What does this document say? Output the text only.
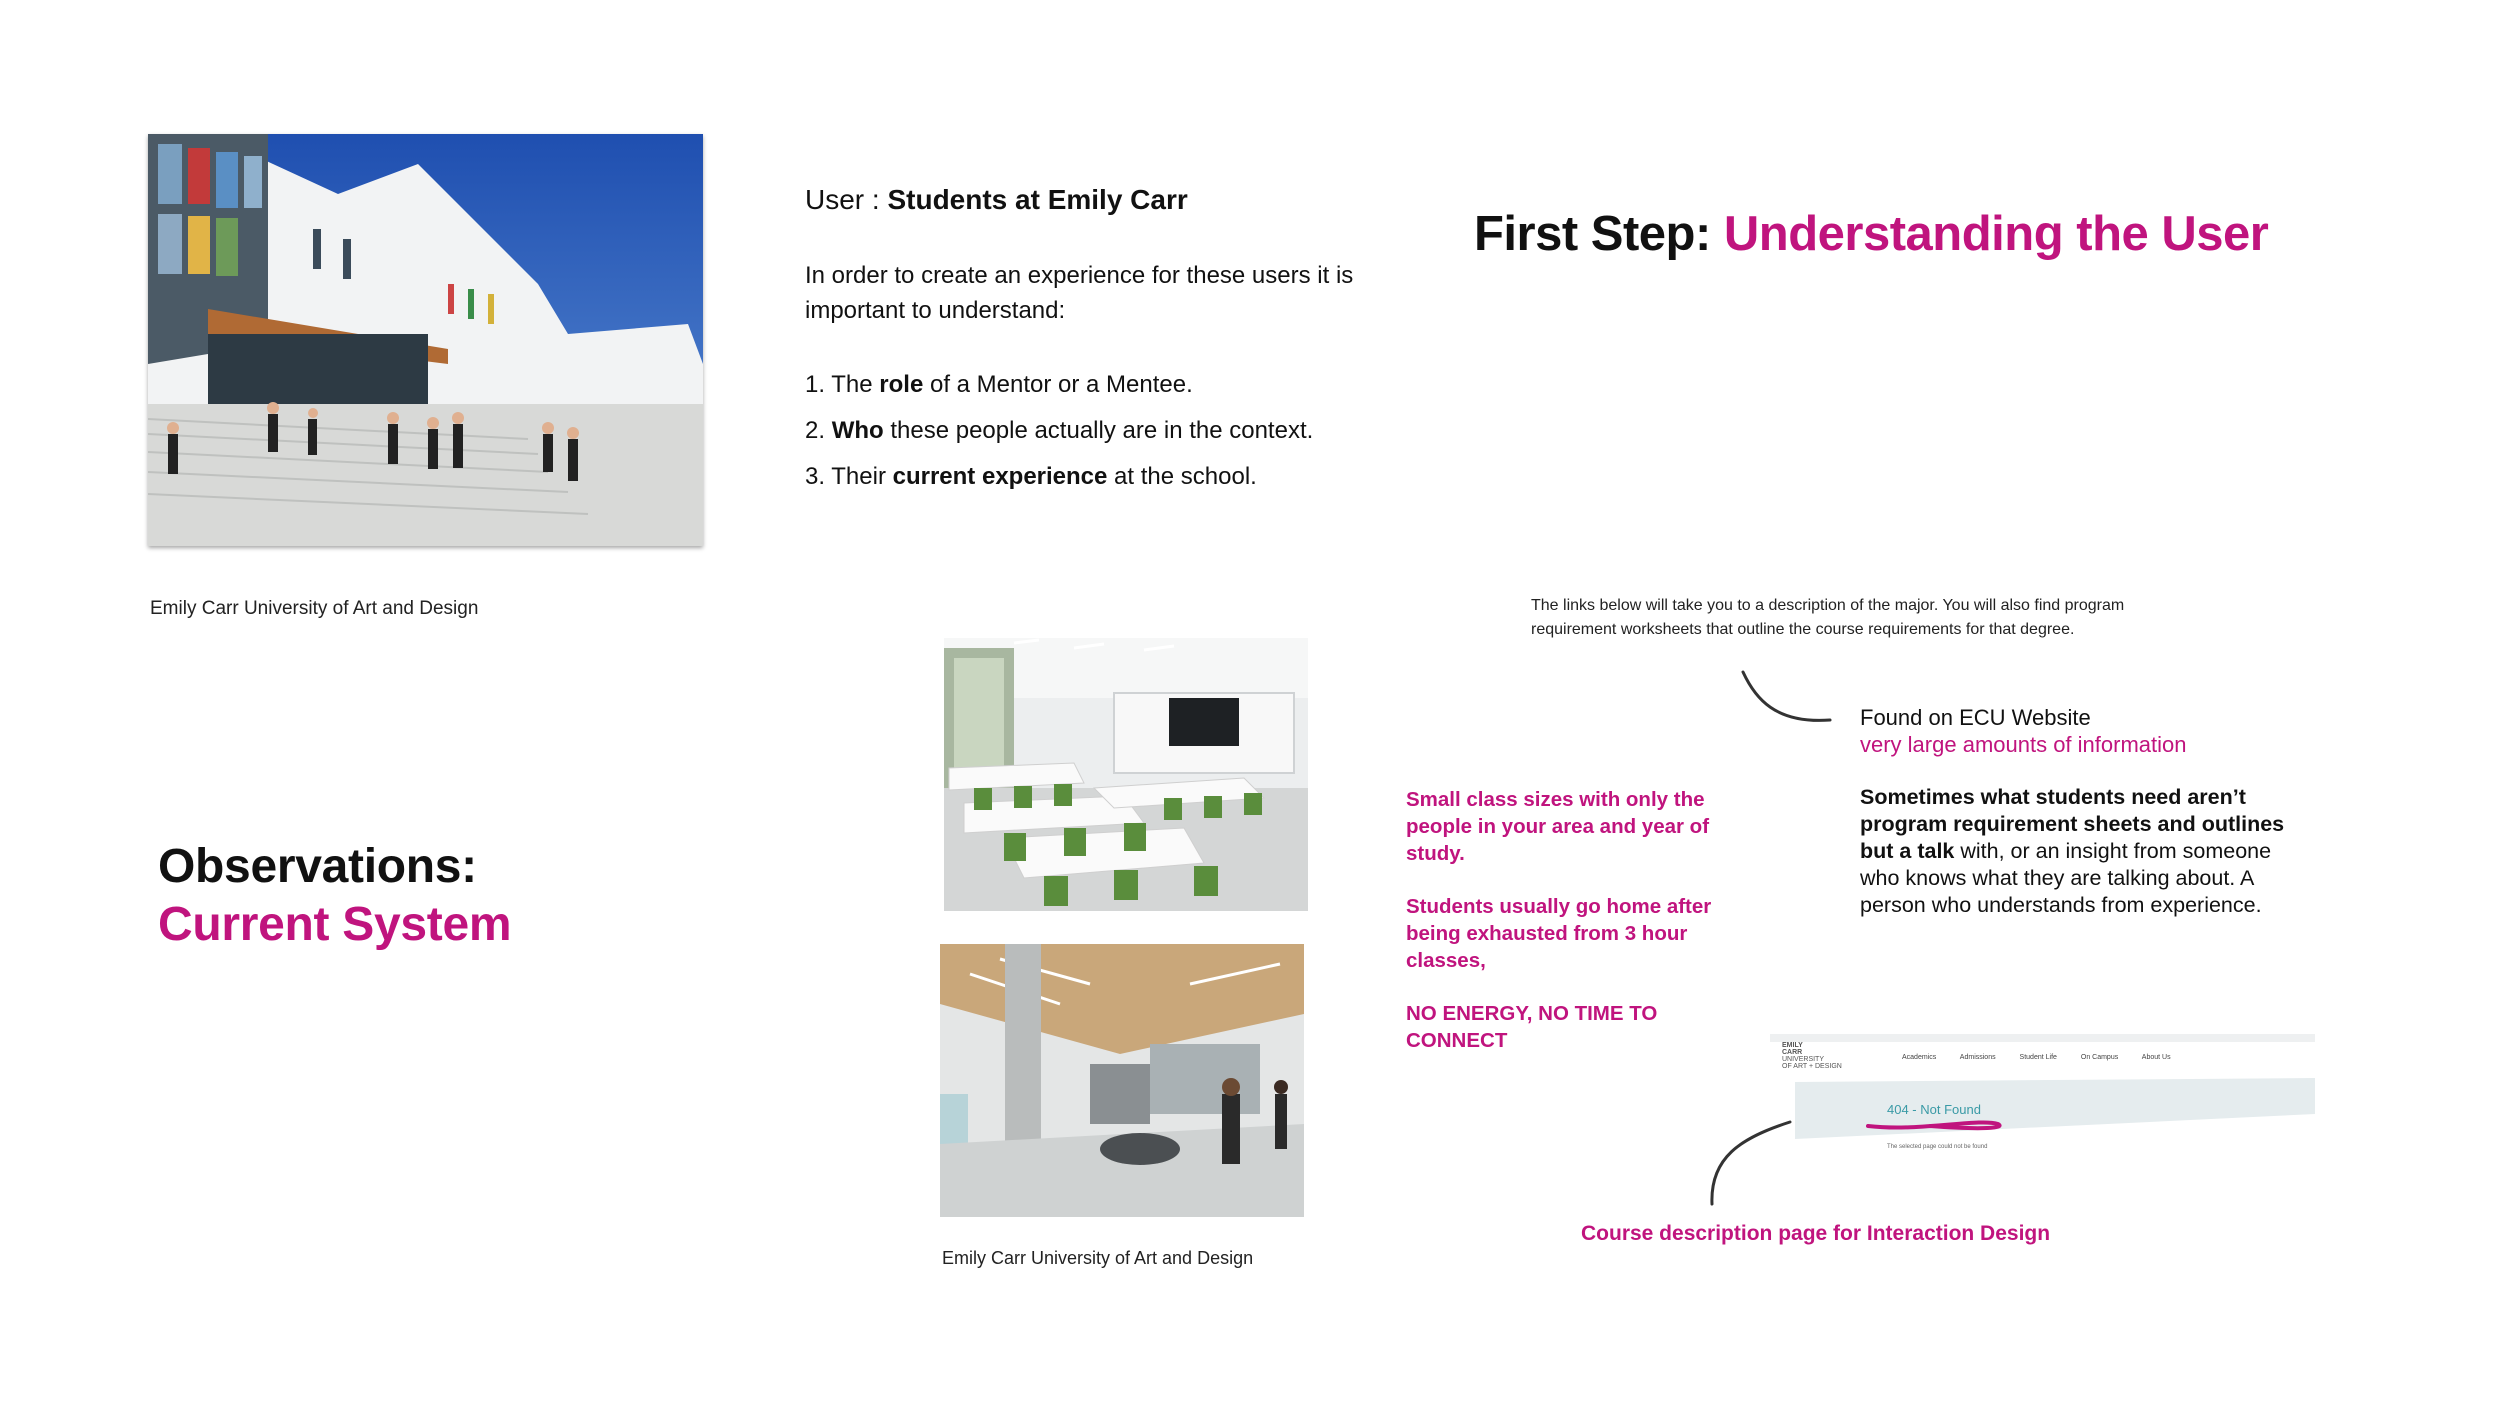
Emily Carr University of Art and Design
User : Students at Emily Carr
In order to create an experience for these users it is important to understand:
1. The role of a Mentor or a Mentee.
2. Who these people actually are in the context.
3. Their current experience at the school.
First Step: Understanding the User
Observations:
Current System
Emily Carr University of Art and Design
The links below will take you to a description of the major. You will also find program requirement worksheets that outline the course requirements for that degree.
Found on ECU Website
very large amounts of information
Sometimes what students need aren’t program requirement sheets and outlines but a talk with, or an insight from someone who knows what they are talking about. A person who understands from experience.

Small class sizes with only the people in your area and year of study.

Students usually go home after being exhausted from 3 hour classes,

NO ENERGY, NO TIME TO CONNECT	EMILY
CARR
UNIVERSITY
OF ART + DESIGN
Academics	Admissions	Student Life	On Campus	About Us
404 - Not Found
The selected page could not be found
Course description page for Interaction Design
